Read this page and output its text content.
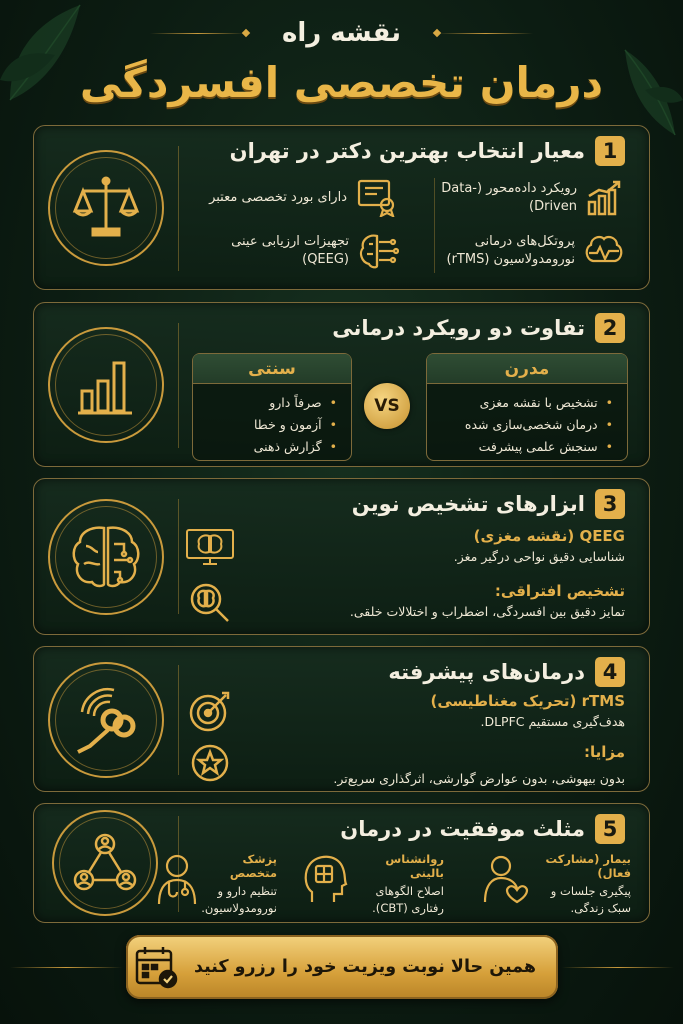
نقشه راه
درمان تخصصی افسردگی
1
معیار انتخاب بهترین دکتر در تهران
رویکرد داده‌محور (Data-Driven)
دارای بورد تخصصی معتبر
پروتکل‌های درمانی نورومدولاسیون (rTMS)
تجهیزات ارزیابی عینی (QEEG)
2
تفاوت دو رویکرد درمانی
مدرن
• تشخیص با نقشه مغزی
• درمان شخصی‌سازی شده
• سنجش علمی پیشرفت
VS
سنتی
• صرفاً دارو
• آزمون و خطا
• گزارش ذهنی
3
ابزارهای تشخیص نوین
QEEG (نقشه مغزی)
شناسایی دقیق نواحی درگیر مغز.
تشخیص افتراقی:
تمایز دقیق بین افسردگی، اضطراب و اختلالات خلقی.
4
درمان‌های پیشرفته
rTMS (تحریک مغناطیسی)
هدف‌گیری مستقیم DLPFC.
مزایا:
بدون بیهوشی، بدون عوارض گوارشی، اثرگذاری سریع‌تر.
5
مثلث موفقیت در درمان
بیمار (مشارکت فعال)
پیگیری جلسات و سبک زندگی.
روانشناس بالینی
اصلاح الگوهای رفتاری (CBT).
پزشک متخصص
تنظیم دارو و نورومدولاسیون.
همین حالا نوبت ویزیت خود را رزرو کنید
